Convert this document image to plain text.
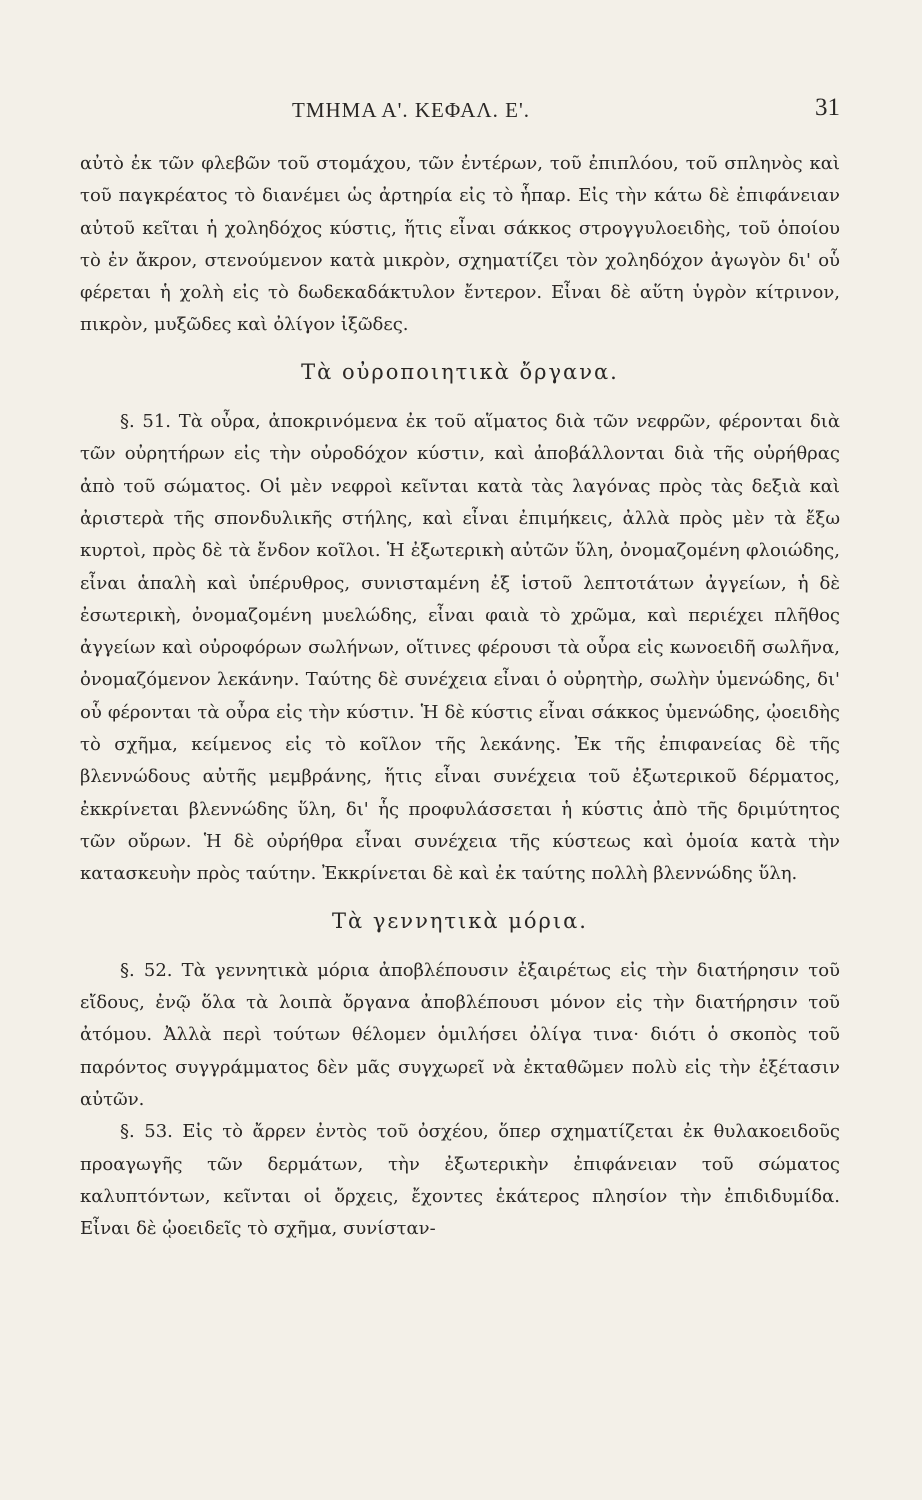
ΤΜΗΜΑ Α'. ΚΕΦΑΛ. Ε'.	31

αὐτὸ ἐκ τῶν φλεβῶν τοῦ στομάχου, τῶν ἐντέρων, τοῦ ἐπιπλόου, τοῦ σπληνὸς καὶ τοῦ παγκρέατος τὸ διανέμει ὡς ἀρτηρία εἰς τὸ ἧπαρ. Εἰς τὴν κάτω δὲ ἐπιφάνειαν αὐτοῦ κεῖται ἡ χοληδόχος κύστις, ἥτις εἶναι σάκκος στρογγυλοειδὴς, τοῦ ὁποίου τὸ ἐν ἄκρον, στενούμενον κατὰ μικρὸν, σχηματίζει τὸν χοληδόχον ἀγωγὸν δι' οὗ φέρεται ἡ χολὴ εἰς τὸ δωδεκαδάκτυλον ἔντερον. Εἶναι δὲ αὕτη ὑγρὸν κίτρινον, πικρὸν, μυξῶδες καὶ ὀλίγον ἰξῶδες.

Τὰ οὐροποιητικὰ ὄργανα.

§. 51. Τὰ οὖρα, ἀποκρινόμενα ἐκ τοῦ αἵματος διὰ τῶν νεφρῶν, φέρονται διὰ τῶν οὐρητήρων εἰς τὴν οὐροδόχον κύστιν, καὶ ἀποβάλλονται διὰ τῆς οὐρήθρας ἀπὸ τοῦ σώματος. Οἱ μὲν νεφροὶ κεῖνται κατὰ τὰς λαγόνας πρὸς τὰς δεξιὰ καὶ ἀριστερὰ τῆς σπονδυλικῆς στήλης, καὶ εἶναι ἐπιμήκεις, ἀλλὰ πρὸς μὲν τὰ ἔξω κυρτοὶ, πρὸς δὲ τὰ ἔνδον κοῖλοι. Ἡ ἐξωτερικὴ αὐτῶν ὕλη, ὀνομαζομένη φλοιώδης, εἶναι ἁπαλὴ καὶ ὑπέρυθρος, συνισταμένη ἐξ ἱστοῦ λεπτοτάτων ἀγγείων, ἡ δὲ ἐσωτερικὴ, ὀνομαζομένη μυελώδης, εἶναι φαιὰ τὸ χρῶμα, καὶ περιέχει πλῆθος ἀγγείων καὶ οὐροφόρων σωλήνων, οἵτινες φέρουσι τὰ οὖρα εἰς κωνοειδῆ σωλῆνα, ὀνομαζόμενον λεκάνην. Ταύτης δὲ συνέχεια εἶναι ὁ οὐρητὴρ, σωλὴν ὑμενώδης, δι' οὗ φέρονται τὰ οὖρα εἰς τὴν κύστιν. Ἡ δὲ κύστις εἶναι σάκκος ὑμενώδης, ᾠοειδὴς τὸ σχῆμα, κείμενος εἰς τὸ κοῖλον τῆς λεκάνης. Ἐκ τῆς ἐπιφανείας δὲ τῆς βλεννώδους αὐτῆς μεμβράνης, ἥτις εἶναι συνέχεια τοῦ ἐξωτερικοῦ δέρματος, ἐκκρίνεται βλεννώδης ὕλη, δι' ἧς προφυλάσσεται ἡ κύστις ἀπὸ τῆς δριμύτητος τῶν οὔρων. Ἡ δὲ οὐρήθρα εἶναι συνέχεια τῆς κύστεως καὶ ὁμοία κατὰ τὴν κατασκευὴν πρὸς ταύτην. Ἐκκρίνεται δὲ καὶ ἐκ ταύτης πολλὴ βλεννώδης ὕλη.

Τὰ γεννητικὰ μόρια.

§. 52. Τὰ γεννητικὰ μόρια ἀποβλέπουσιν ἐξαιρέτως εἰς τὴν διατήρησιν τοῦ εἴδους, ἐνῷ ὅλα τὰ λοιπὰ ὄργανα ἀποβλέπουσι μόνον εἰς τὴν διατήρησιν τοῦ ἀτόμου. Ἀλλὰ περὶ τούτων θέλομεν ὁμιλήσει ὀλίγα τινα· διότι ὁ σκοπὸς τοῦ παρόντος συγγράμματος δὲν μᾶς συγχωρεῖ νὰ ἐκταθῶμεν πολὺ εἰς τὴν ἐξέτασιν αὐτῶν.

§. 53. Εἰς τὸ ἄρρεν ἐντὸς τοῦ ὀσχέου, ὅπερ σχηματίζεται ἐκ θυλακοειδοῦς προαγωγῆς τῶν δερμάτων, τὴν ἐξωτερικὴν ἐπιφάνειαν τοῦ σώματος καλυπτόντων, κεῖνται οἱ ὄρχεις, ἔχοντες ἑκάτερος πλησίον τὴν ἐπιδιδυμίδα. Εἶναι δὲ ᾠοειδεῖς τὸ σχῆμα, συνίσταν-
